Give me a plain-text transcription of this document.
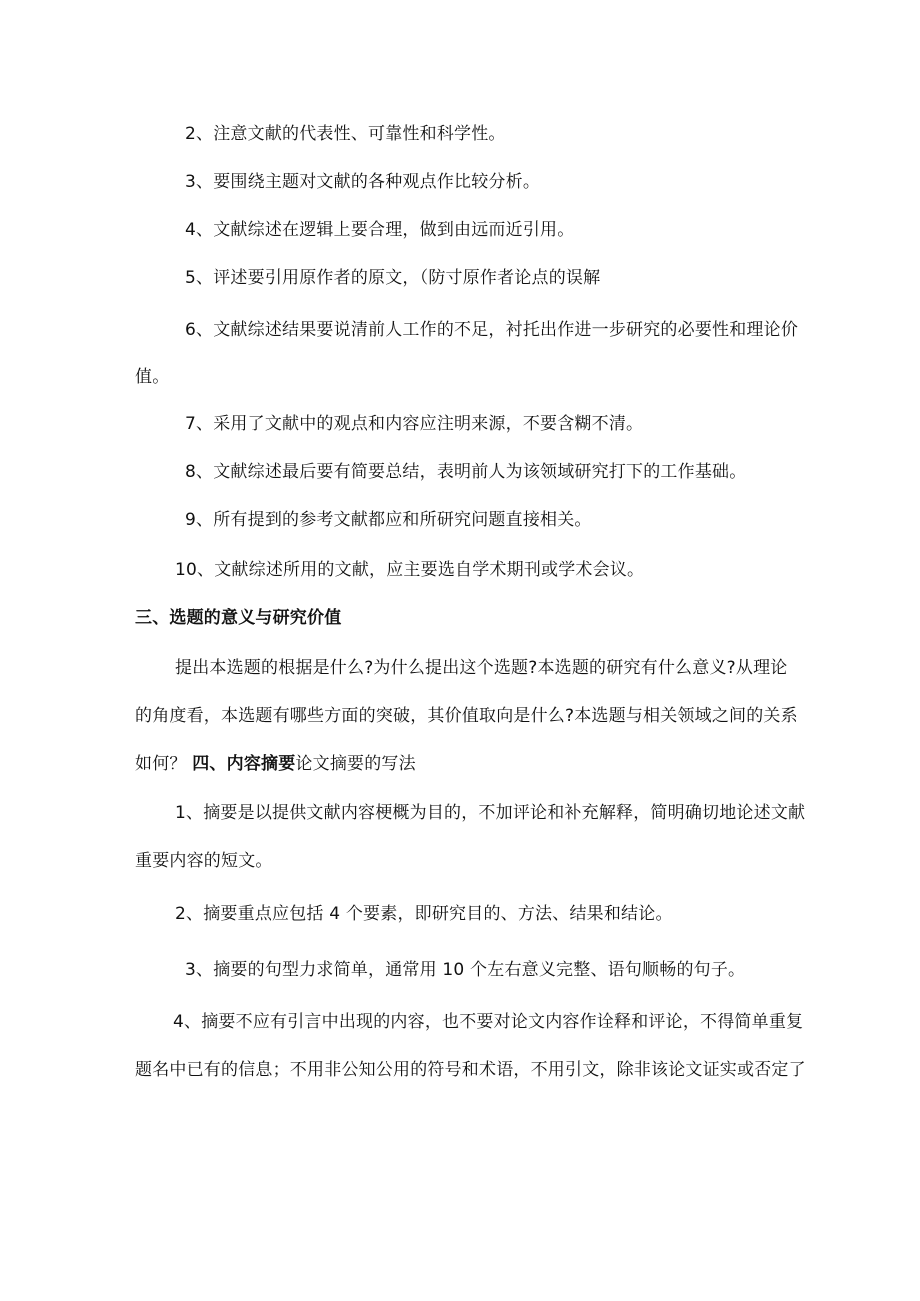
2、注意文献的代表性、可靠性和科学性。
3、要围绕主题对文献的各种观点作比较分析。
4、文献综述在逻辑上要合理，做到由远而近引用。
5、评述要引用原作者的原文，（防寸原作者论点的误解
6、文献综述结果要说清前人工作的不足，衬托出作进一步研究的必要性和理论价
值。
7、采用了文献中的观点和内容应注明来源，不要含糊不清。
8、文献综述最后要有简要总结，表明前人为该领域研究打下的工作基础。
9、所有提到的参考文献都应和所研究问题直接相关。
10、文献综述所用的文献，应主要选自学术期刊或学术会议。
三、选题的意义与研究价值
提出本选题的根据是什么?为什么提出这个选题?本选题的研究有什么意义?从理论
的角度看，本选题有哪些方面的突破，其价值取向是什么?本选题与相关领域之间的关系
如何？ 四、内容摘要论文摘要的写法
1、摘要是以提供文献内容梗概为目的，不加评论和补充解释，简明确切地论述文献
重要内容的短文。
2、摘要重点应包括 4 个要素，即研究目的、方法、结果和结论。
3、摘要的句型力求简单，通常用 10 个左右意义完整、语句顺畅的句子。
4、摘要不应有引言中出现的内容，也不要对论文内容作诠释和评论，不得简单重复
题名中已有的信息；不用非公知公用的符号和术语，不用引文，除非该论文证实或否定了
